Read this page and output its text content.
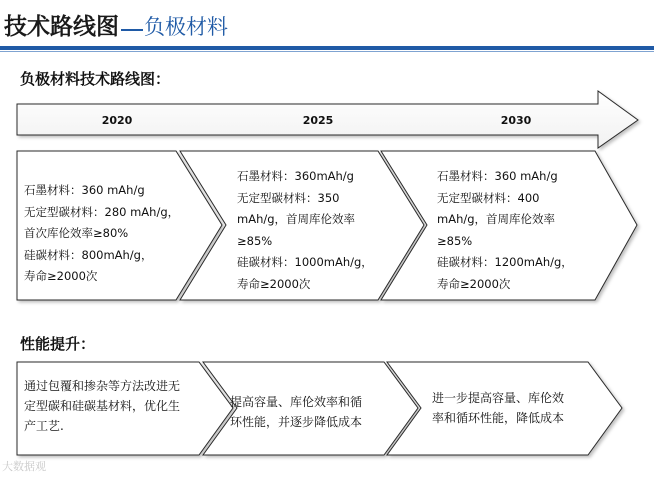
技术路线图 负极材料
负极材料技术路线图：
2020	2025	2030
石墨材料：360 mAh/g
无定型碳材料：280 mAh/g，
首次库伦效率≥80%
硅碳材料：800mAh/g，
寿命≥2000次
石墨材料：360mAh/g
无定型碳材料：350
mAh/g，首周库伦效率
≥85%
硅碳材料：1000mAh/g，
寿命≥2000次
石墨材料：360 mAh/g
无定型碳材料：400
mAh/g，首周库伦效率
≥85%
硅碳材料：1200mAh/g，
寿命≥2000次
性能提升：
通过包覆和掺杂等方法改进无
定型碳和硅碳基材料，优化生
产工艺.
提高容量、库伦效率和循
环性能，并逐步降低成本
进一步提高容量、库伦效
率和循环性能，降低成本
大数据观
